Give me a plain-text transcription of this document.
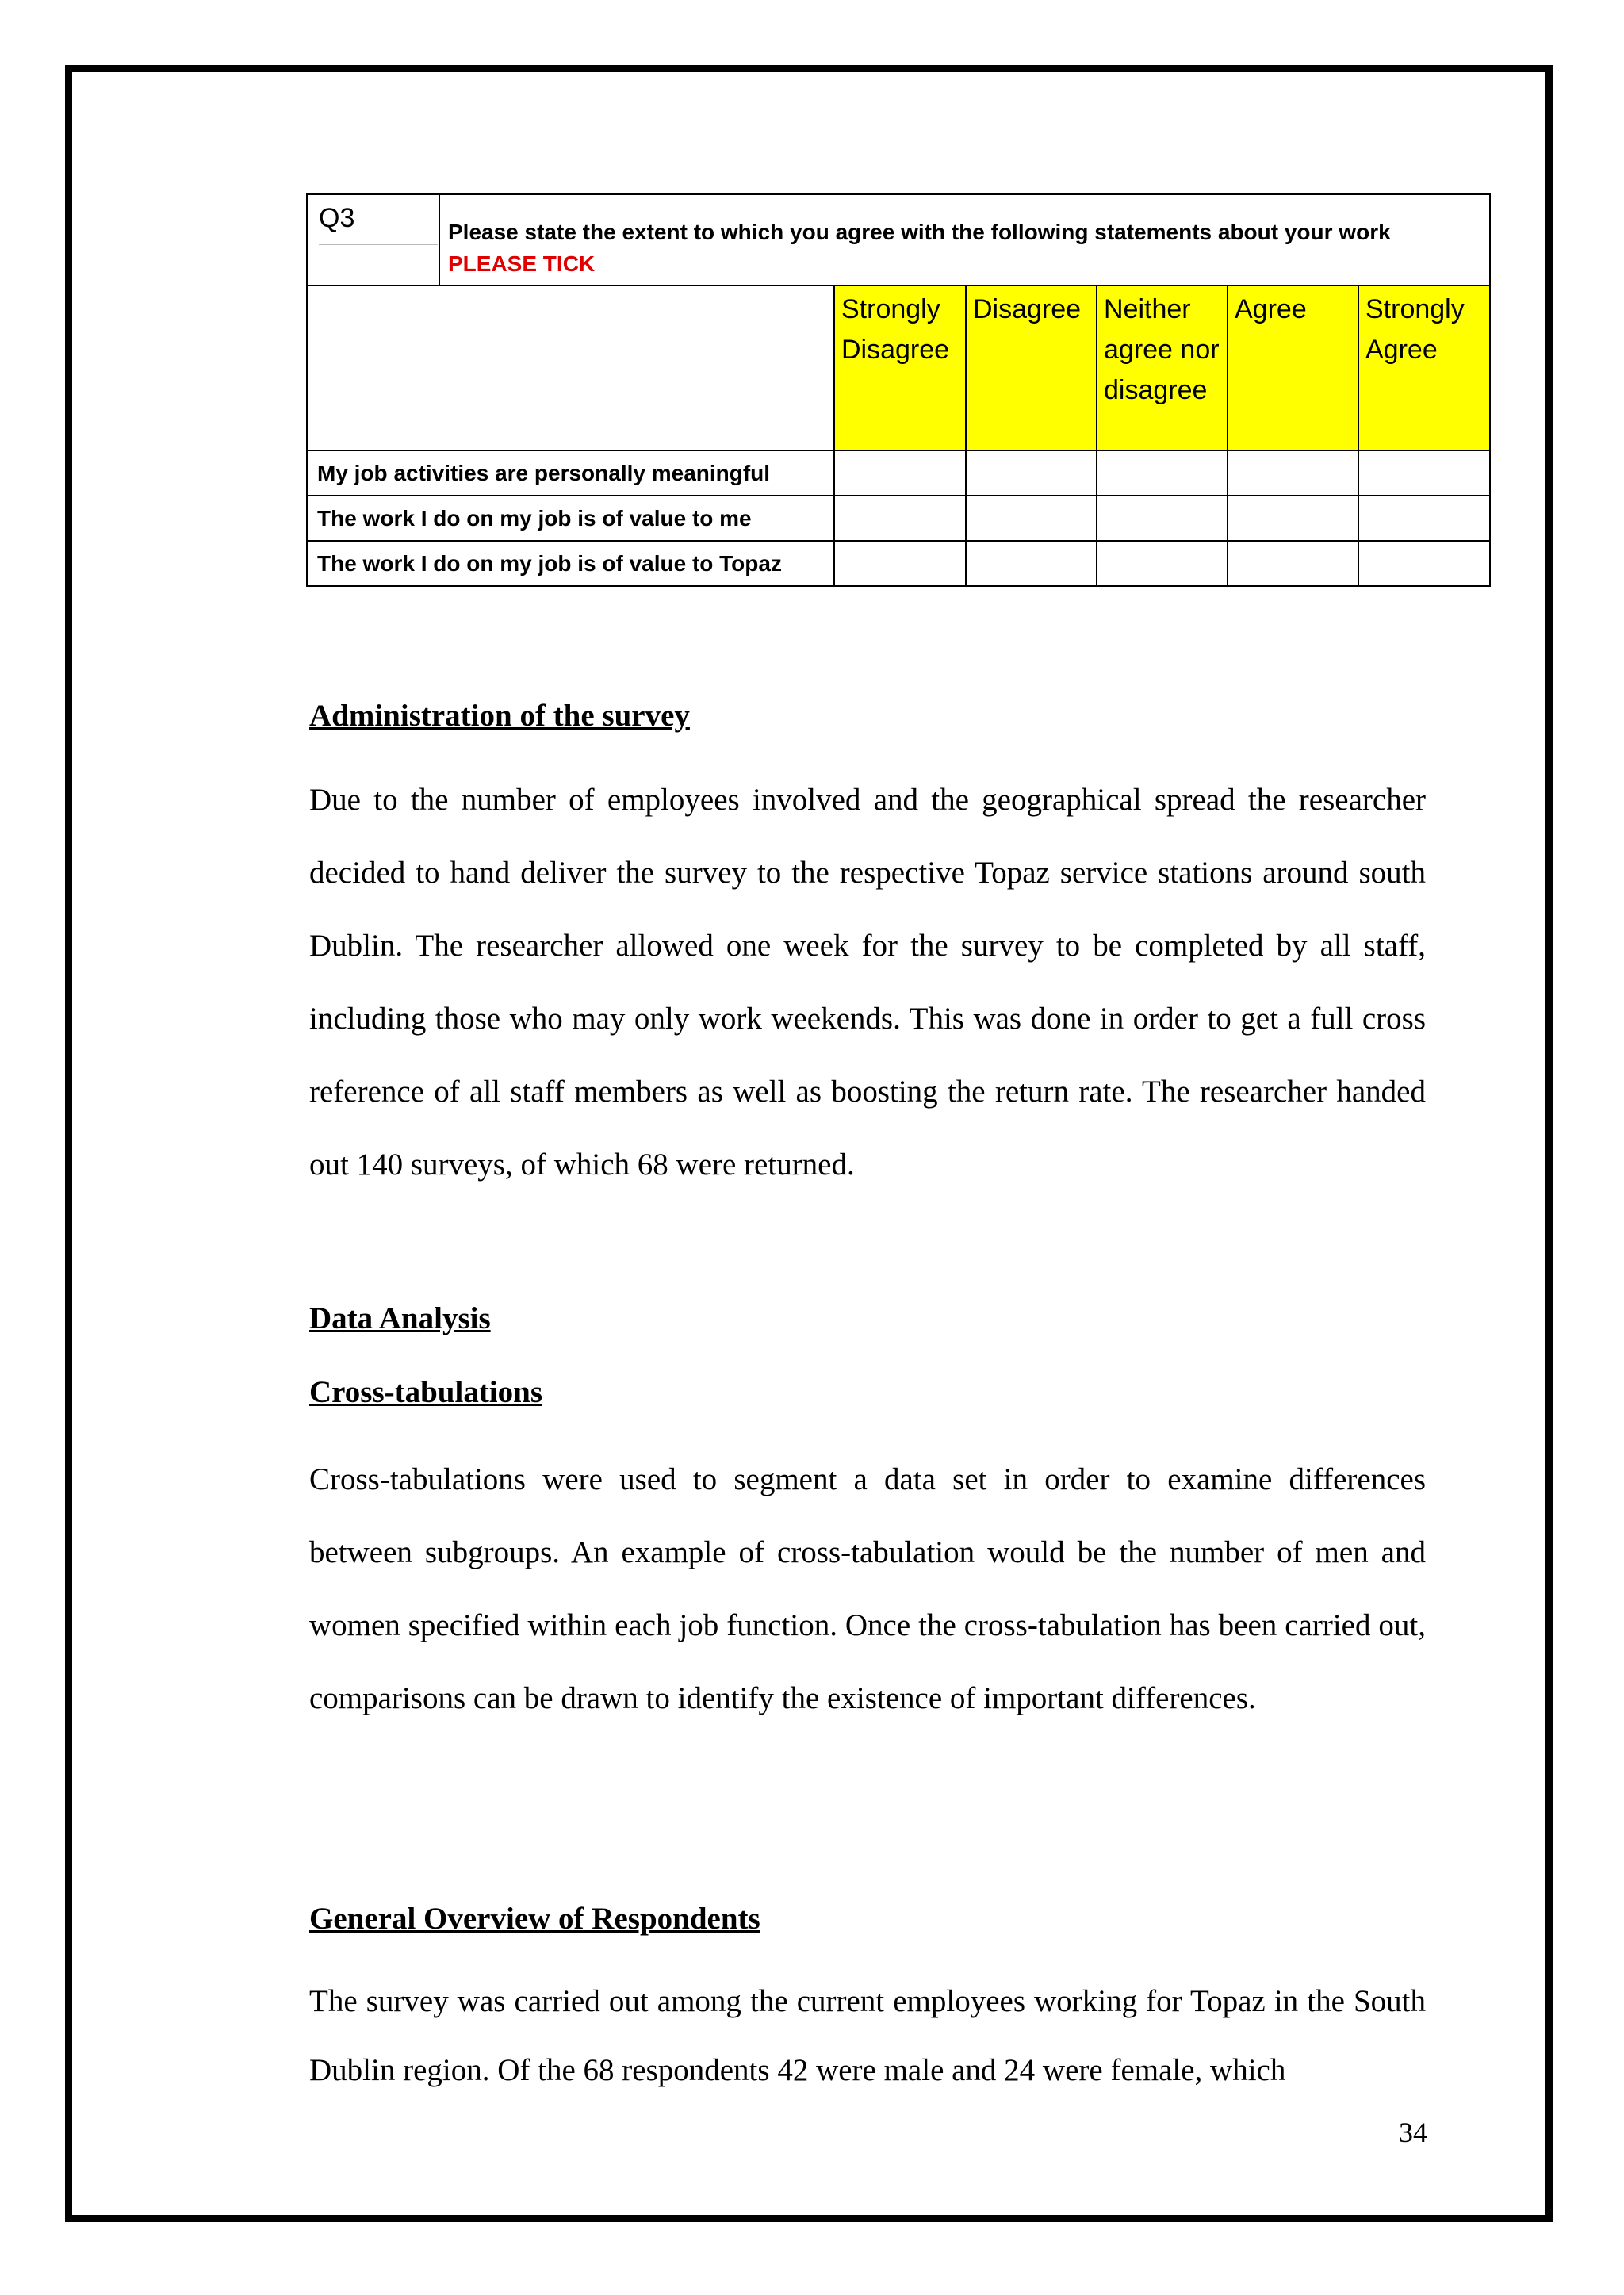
Q3	Please state the extent to which you agree with the following statements about your work
PLEASE TICK					

		Strongly Disagree	Disagree	Neither agree nor disagree	Agree	Strongly Agree
My job activities are personally meaningful						
The work I do on my job is of value to me						
The work I do on my job is of value to Topaz						
Administration of the survey

Due to the number of employees involved and the geographical spread the researcher decided to hand deliver the survey to the respective Topaz service stations around south Dublin. The researcher allowed one week for the survey to be completed by all staff, including those who may only work weekends. This was done in order to get a full cross reference of all staff members as well as boosting the return rate. The researcher handed out 140 surveys, of which 68 were returned.

Data Analysis
Cross-tabulations

Cross-tabulations were used to segment a data set in order to examine differences between subgroups. An example of cross-tabulation would be the number of men and women specified within each job function. Once the cross-tabulation has been carried out, comparisons can be drawn to identify the existence of important differences.

General Overview of Respondents

The survey was carried out among the current employees working for Topaz in the South Dublin region. Of the 68 respondents 42 were male and 24 were female, which

34
